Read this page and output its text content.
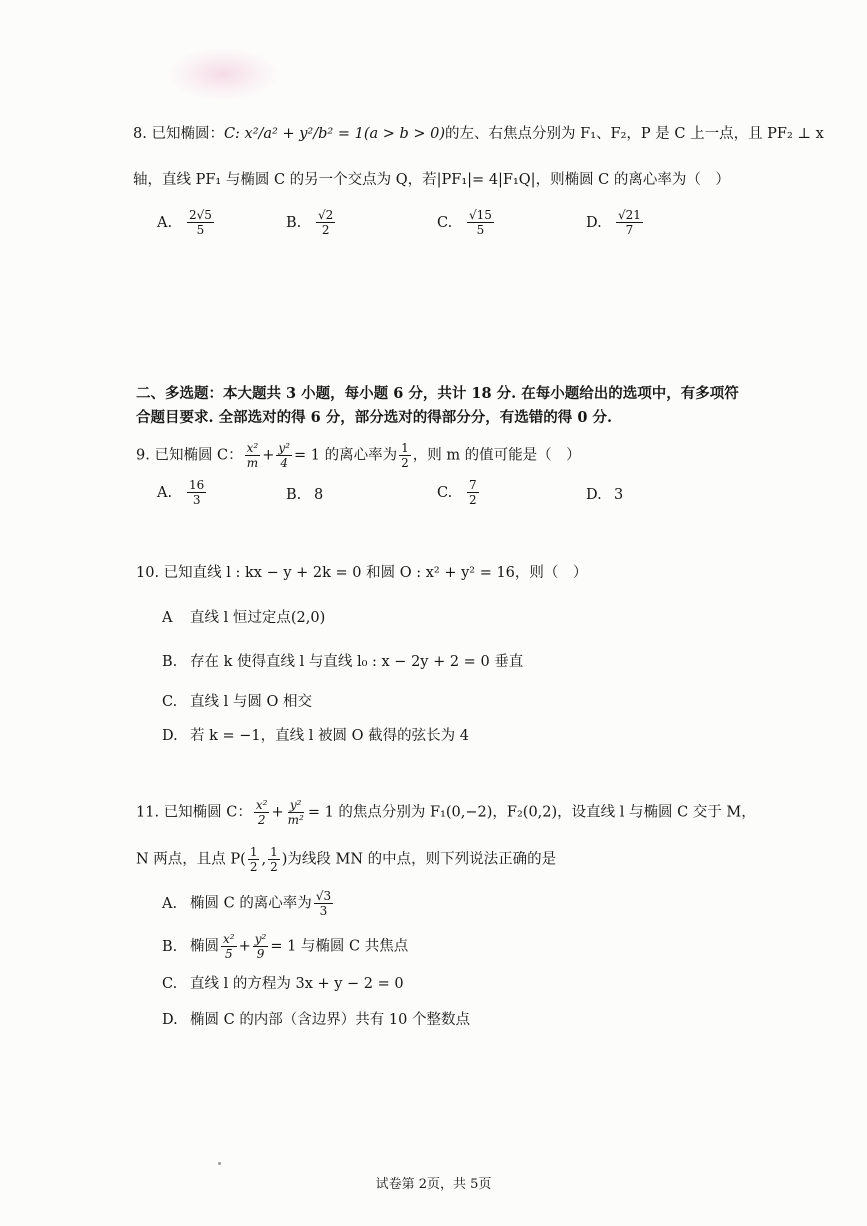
8. 已知椭圆：C: x²/a² + y²/b² = 1(a > b > 0)的左、右焦点分别为 F₁、F₂，P 是 C 上一点，且 PF₂ ⊥ x
轴，直线 PF₁ 与椭圆 C 的另一个交点为 Q，若|PF₁|= 4|F₁Q|，则椭圆 C 的离心率为（　）
A. $\frac{2√5}{5}$	B. $\frac{√2}{2}$	C. $\frac{√15}{5}$	D. $\frac{√21}{7}$
二、多选题：本大题共 3 小题，每小题 6 分，共计 18 分. 在每小题给出的选项中，有多项符
合题目要求. 全部选对的得 6 分，部分选对的得部分分，有选错的得 0 分.
9. 已知椭圆 C： $\frac{\text{x²}}{m} + \frac{\text{y²}}{4} = 1$ 的离心率为 $\frac{1}{2}$ ，则 m 的值可能是（　）
A. $\frac{16}{3}$	B. 8	C. $\frac{7}{2}$	D. 3
10. 已知直线 l : kx − y + 2k = 0 和圆 O : x² + y² = 16，则（　）
A 直线 l 恒过定点(2,0)
B. 存在 k 使得直线 l 与直线 l₀ : x − 2y + 2 = 0 垂直
C. 直线 l 与圆 O 相交
D. 若 k = −1，直线 l 被圆 O 截得的弦长为 4
11. 已知椭圆 C： $\frac{\text{x²}}{2} + \frac{\text{y²}}{\text{m²}} = 1$ 的焦点分别为 F₁(0,−2)，F₂(0,2)，设直线 l 与椭圆 C 交于 M，
N 两点，且点 $P( \frac{1}{2}$ , $\frac{1}{2}$ )为线段 MN 的中点，则下列说法正确的是
A. 椭圆 C 的离心率为 $\frac{√3}{3}$
B. 椭圆 $\frac{\text{x²}}{5} + \frac{\text{y²}}{9} = 1$ 与椭圆 C 共焦点
C. 直线 l 的方程为 3x + y − 2 = 0
D. 椭圆 C 的内部（含边界）共有 10 个整数点
试卷第 2页，共 5页
